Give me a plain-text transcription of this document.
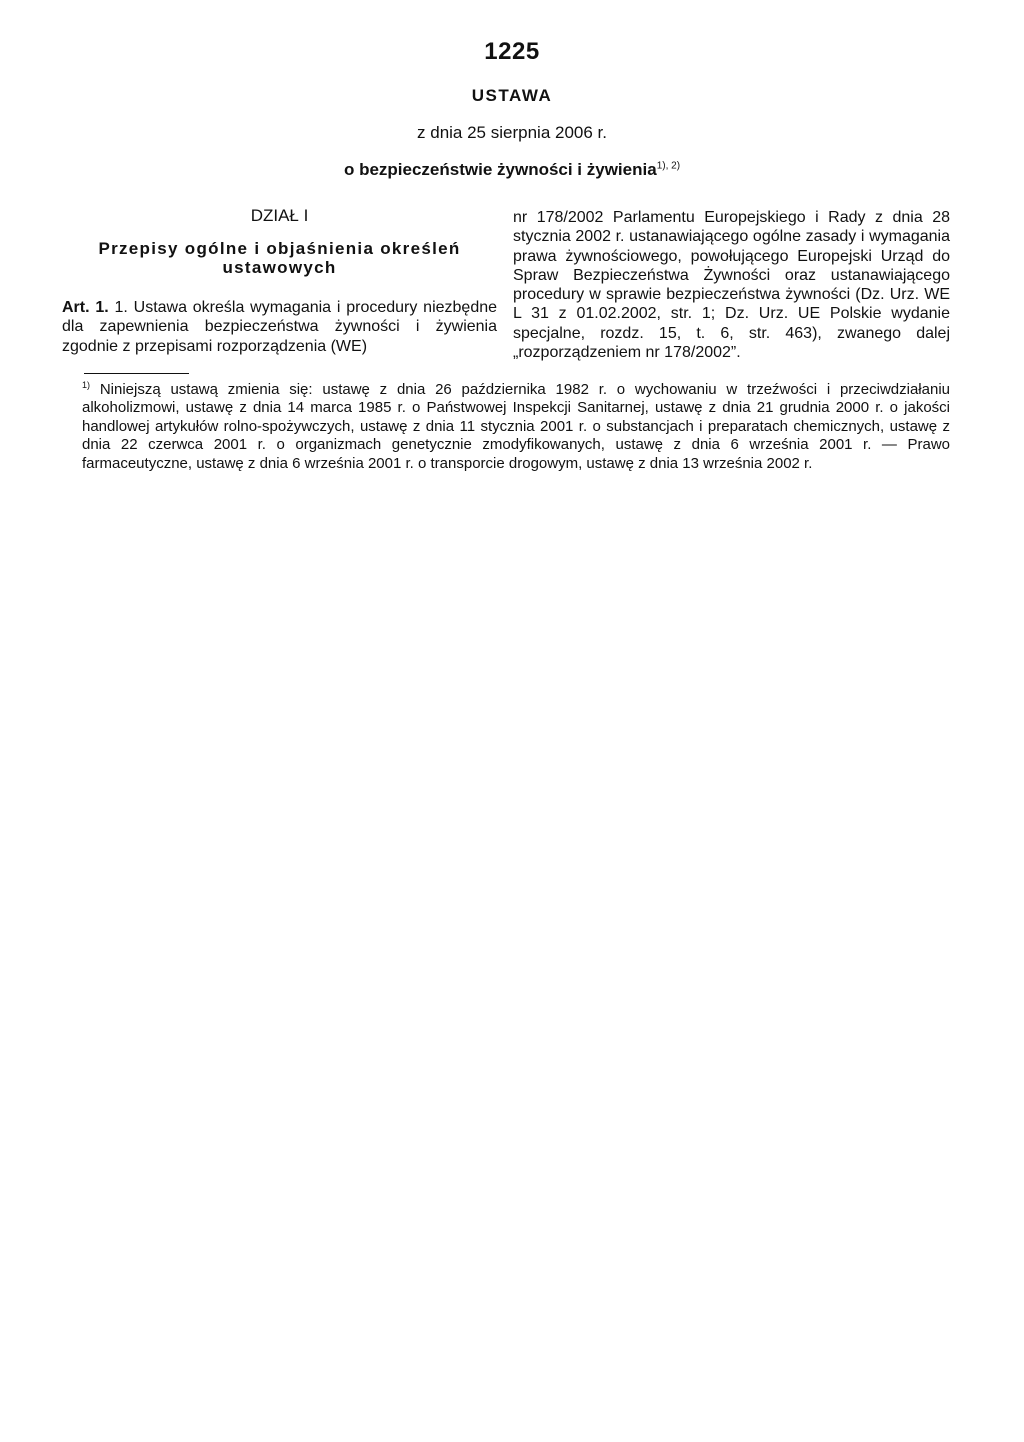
1225
USTAWA
z dnia 25 sierpnia 2006 r.
o bezpieczeństwie żywności i żywienia$^{1), 2)}$
DZIAŁ I
Przepisy ogólne i objaśnienia określeń ustawowych

Art. 1. 1. Ustawa określa wymagania i procedury niezbędne dla zapewnienia bezpieczeństwa żywności i żywienia zgodnie z przepisami rozporządzenia (WE)

nr 178/2002 Parlamentu Europejskiego i Rady z dnia 28 stycznia 2002 r. ustanawiającego ogólne zasady i wymagania prawa żywnościowego, powołującego Europejski Urząd do Spraw Bezpieczeństwa Żywności oraz ustanawiającego procedury w sprawie bezpieczeństwa żywności (Dz. Urz. WE L 31 z 01.02.2002, str. 1; Dz. Urz. UE Polskie wydanie specjalne, rozdz. 15, t. 6, str. 463), zwanego dalej „rozporządzeniem nr 178/2002”.

$^{1)}$ Niniejszą ustawą zmienia się: ustawę z dnia 26 października 1982 r. o wychowaniu w trzeźwości i przeciwdziałaniu alkoholizmowi, ustawę z dnia 14 marca 1985 r. o Państwowej Inspekcji Sanitarnej, ustawę z dnia 21 grudnia 2000 r. o jakości handlowej artykułów rolno-spożywczych, ustawę z dnia 11 stycznia 2001 r. o substancjach i preparatach chemicznych, ustawę z dnia 22 czerwca 2001 r. o organizmach genetycznie zmodyfikowanych, ustawę z dnia 6 września 2001 r. — Prawo farmaceutyczne, ustawę z dnia 6 września 2001 r. o transporcie drogowym, ustawę z dnia 13 września 2002 r.
